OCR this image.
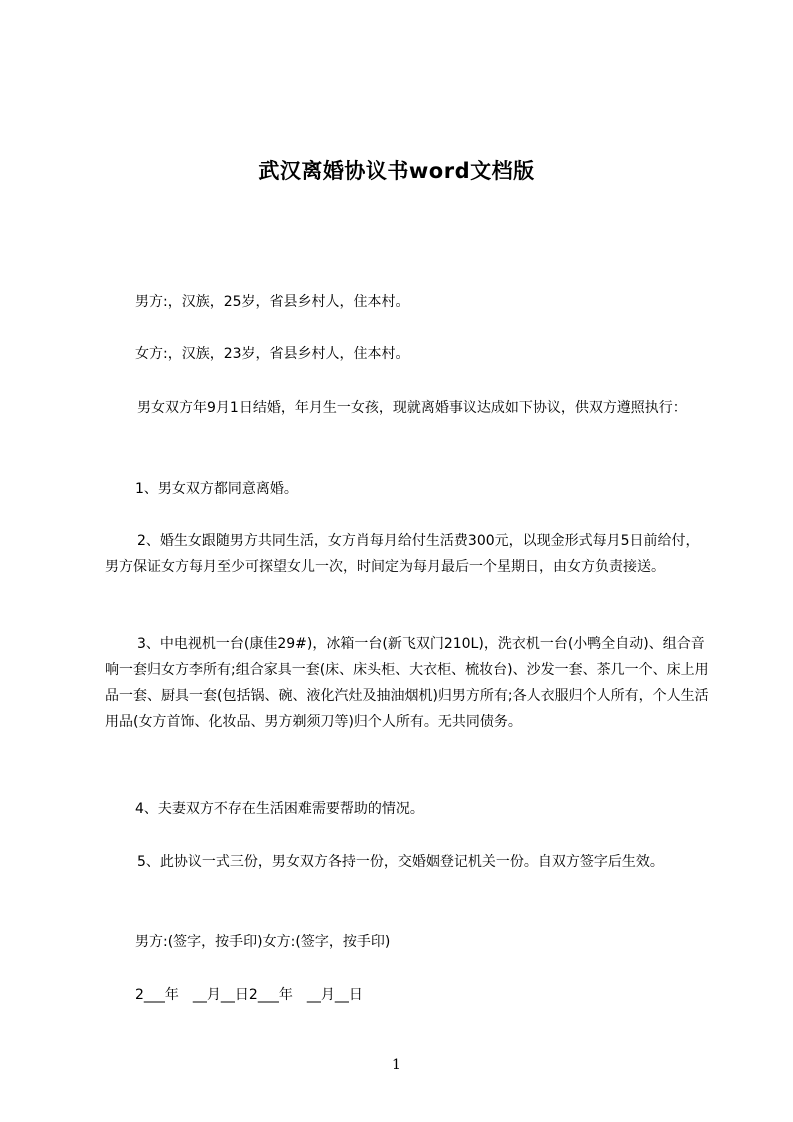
武汉离婚协议书word文档版

男方:，汉族，25岁，省县乡村人，住本村。

女方:，汉族，23岁，省县乡村人，住本村。

男女双方年9月1日结婚，年月生一女孩，现就离婚事议达成如下协议，供双方遵照执行：

1、男女双方都同意离婚。

2、婚生女跟随男方共同生活，女方肖每月给付生活费300元，以现金形式每月5日前给付，男方保证女方每月至少可探望女儿一次，时间定为每月最后一个星期日，由女方负责接送。

3、中电视机一台(康佳29#)，冰箱一台(新飞双门210L)，洗衣机一台(小鸭全自动)、组合音响一套归女方李所有;组合家具一套(床、床头柜、大衣柜、梳妆台)、沙发一套、茶几一个、床上用品一套、厨具一套(包括锅、碗、液化汽灶及抽油烟机)归男方所有;各人衣服归个人所有，个人生活用品(女方首饰、化妆品、男方剃须刀等)归个人所有。无共同债务。

4、夫妻双方不存在生活困难需要帮助的情况。

5、此协议一式三份，男女双方各持一份，交婚姻登记机关一份。自双方签字后生效。

男方:(签字，按手印)女方:(签字，按手印)

2___年　__月__日2___年　__月__日

1
